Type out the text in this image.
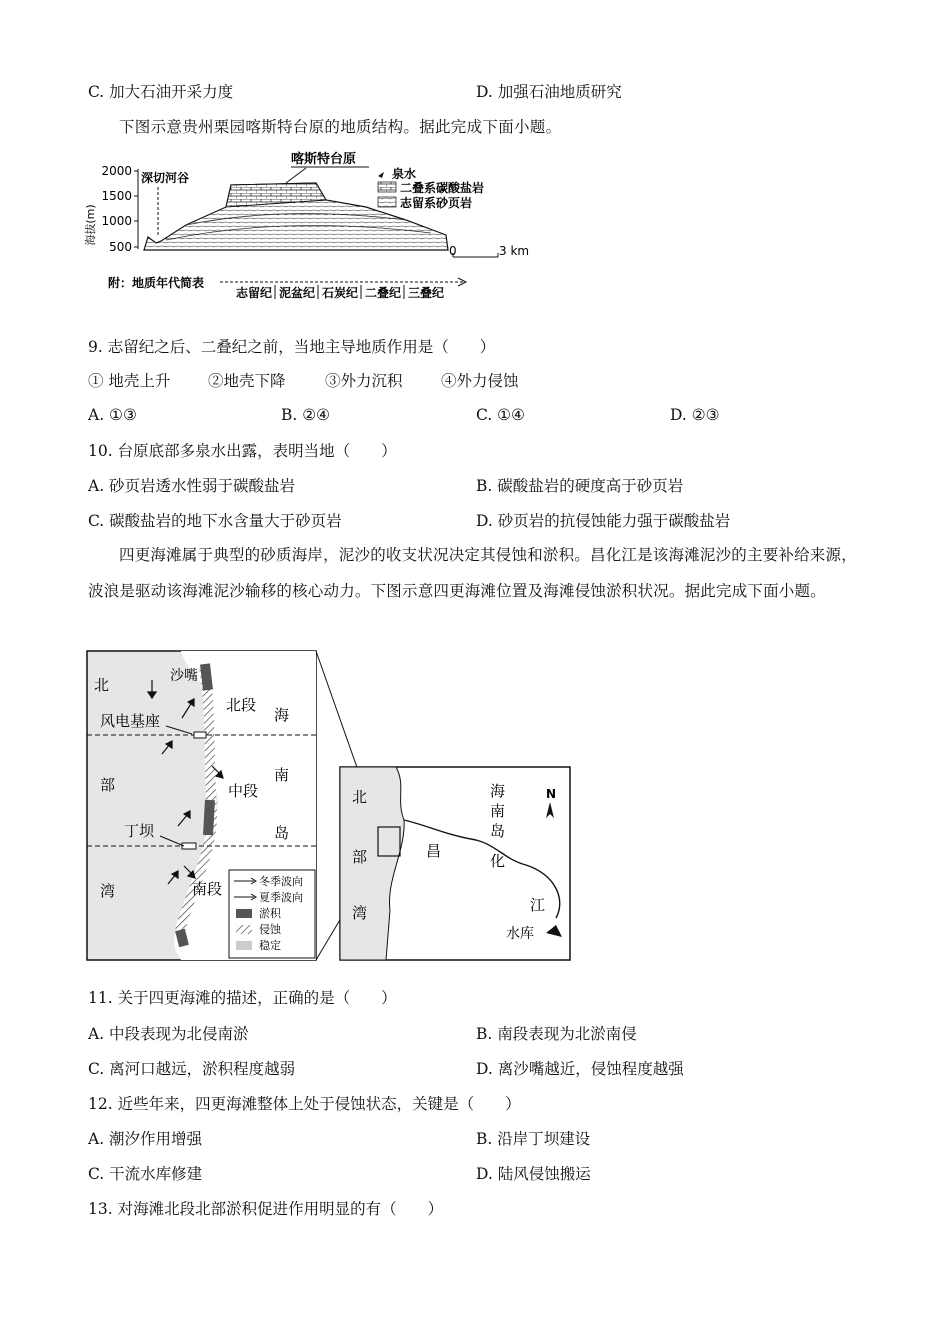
C. 加大石油开采力度	D. 加强石油地质研究
下图示意贵州栗园喀斯特台原的地质结构。据此完成下面小题。
海拔(m)
2000
1500
1000
500
深切河谷
喀斯特台原
泉水
二叠系碳酸盐岩
志留系砂页岩
0	3 km
附：地质年代简表
志留纪 泥盆纪 石炭纪 二叠纪 三叠纪
9. 志留纪之后、二叠纪之前，当地主导地质作用是（　　）
① 地壳上升 ②地壳下降	③外力沉积 ④外力侵蚀
A. ①③	B. ②④	C. ①④	D. ②③
10. 台原底部多泉水出露，表明当地（　　）
A. 砂页岩透水性弱于碳酸盐岩	B. 碳酸盐岩的硬度高于砂页岩
C. 碳酸盐岩的地下水含量大于砂页岩	D. 砂页岩的抗侵蚀能力强于碳酸盐岩
四更海滩属于典型的砂质海岸，泥沙的收支状况决定其侵蚀和淤积。昌化江是该海滩泥沙的主要补给来源，波浪是驱动该海滩泥沙输移的核心动力。下图示意四更海滩位置及海滩侵蚀淤积状况。据此完成下面小题。
北
部
湾
海
南
岛
沙嘴
北段
风电基座
中段
丁坝
南段	冬季波向
夏季波向
淤积
侵蚀
稳定
北
部
湾
海
南
岛
昌
化
江
水库
N
11. 关于四更海滩的描述，正确的是（　　）
A. 中段表现为北侵南淤	B. 南段表现为北淤南侵
C. 离河口越远，淤积程度越弱	D. 离沙嘴越近，侵蚀程度越强
12. 近些年来，四更海滩整体上处于侵蚀状态，关键是（　　）
A. 潮汐作用增强	B. 沿岸丁坝建设
C. 干流水库修建	D. 陆风侵蚀搬运
13. 对海滩北段北部淤积促进作用明显的有（　　）
